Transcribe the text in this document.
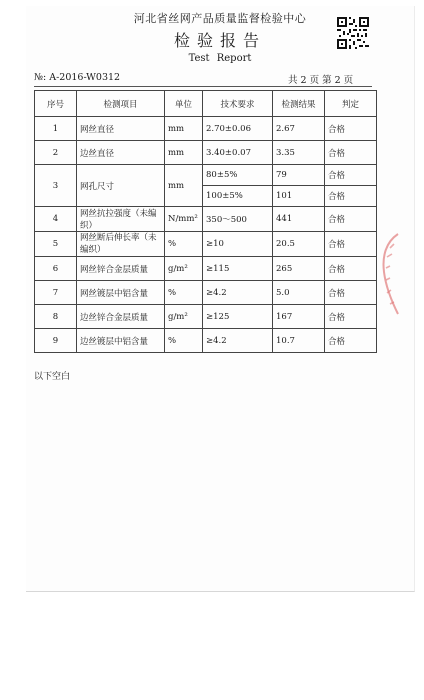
河北省丝网产品质量监督检验中心
检验报告
Test Report
№: A-2016-W0312	共 2 页 第 2 页
序号	检测项目	单位	技术要求	检测结果	判定
1	网丝直径	mm	2.70±0.06	2.67	合格
2	边丝直径	mm	3.40±0.07	3.35	合格
3	网孔尺寸	mm	80±5%	79	合格
			100±5%	101	合格
4	网丝抗拉强度（未编织）	N/mm²	350～500	441	合格
5	网丝断后伸长率（未编织）	%	≥10	20.5	合格
6	网丝锌合金层质量	g/m²	≥115	265	合格
7	网丝镀层中铝含量	%	≥4.2	5.0	合格
8	边丝锌合金层质量	g/m²	≥125	167	合格
9	边丝镀层中铝含量	%	≥4.2	10.7	合格
以下空白
